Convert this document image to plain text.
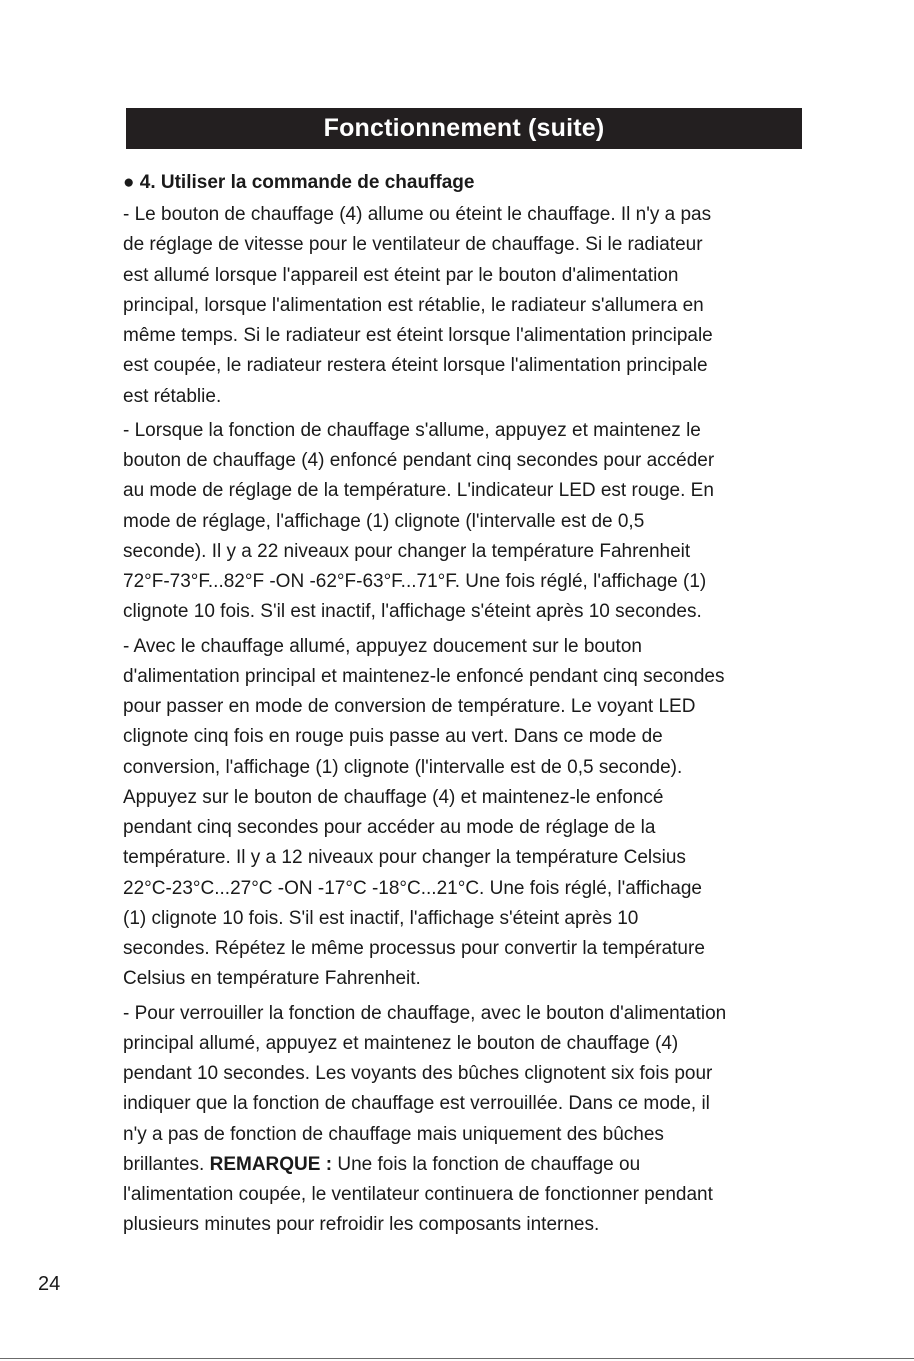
Fonctionnement (suite)
● 4. Utiliser la commande de chauffage
- Le bouton de chauffage (4) allume ou éteint le chauffage. Il n'y a pas
de réglage de vitesse pour le ventilateur de chauffage. Si le radiateur
est allumé lorsque l'appareil est éteint par le bouton d'alimentation
principal, lorsque l'alimentation est rétablie, le radiateur s'allumera en
même temps. Si le radiateur est éteint lorsque l'alimentation principale
est coupée, le radiateur restera éteint lorsque l'alimentation principale
est rétablie.
- Lorsque la fonction de chauffage s'allume, appuyez et maintenez le
bouton de chauffage (4) enfoncé pendant cinq secondes pour accéder
au mode de réglage de la température. L'indicateur LED est rouge. En
mode de réglage, l'affichage (1) clignote (l'intervalle est de 0,5
seconde). Il y a 22 niveaux pour changer la température Fahrenheit
72°F-73°F...82°F -ON -62°F-63°F...71°F. Une fois réglé, l'affichage (1)
clignote 10 fois. S'il est inactif, l'affichage s'éteint après 10 secondes.
- Avec le chauffage allumé, appuyez doucement sur le bouton
d'alimentation principal et maintenez-le enfoncé pendant cinq secondes
pour passer en mode de conversion de température. Le voyant LED
clignote cinq fois en rouge puis passe au vert. Dans ce mode de
conversion, l'affichage (1) clignote (l'intervalle est de 0,5 seconde).
Appuyez sur le bouton de chauffage (4) et maintenez-le enfoncé
pendant cinq secondes pour accéder au mode de réglage de la
température. Il y a 12 niveaux pour changer la température Celsius
22°C-23°C...27°C -ON -17°C -18°C...21°C. Une fois réglé, l'affichage
(1) clignote 10 fois. S'il est inactif, l'affichage s'éteint après 10
secondes. Répétez le même processus pour convertir la température
Celsius en température Fahrenheit.
- Pour verrouiller la fonction de chauffage, avec le bouton d'alimentation
principal allumé, appuyez et maintenez le bouton de chauffage (4)
pendant 10 secondes. Les voyants des bûches clignotent six fois pour
indiquer que la fonction de chauffage est verrouillée. Dans ce mode, il
n'y a pas de fonction de chauffage mais uniquement des bûches
brillantes. REMARQUE : Une fois la fonction de chauffage ou
l'alimentation coupée, le ventilateur continuera de fonctionner pendant
plusieurs minutes pour refroidir les composants internes.
24
